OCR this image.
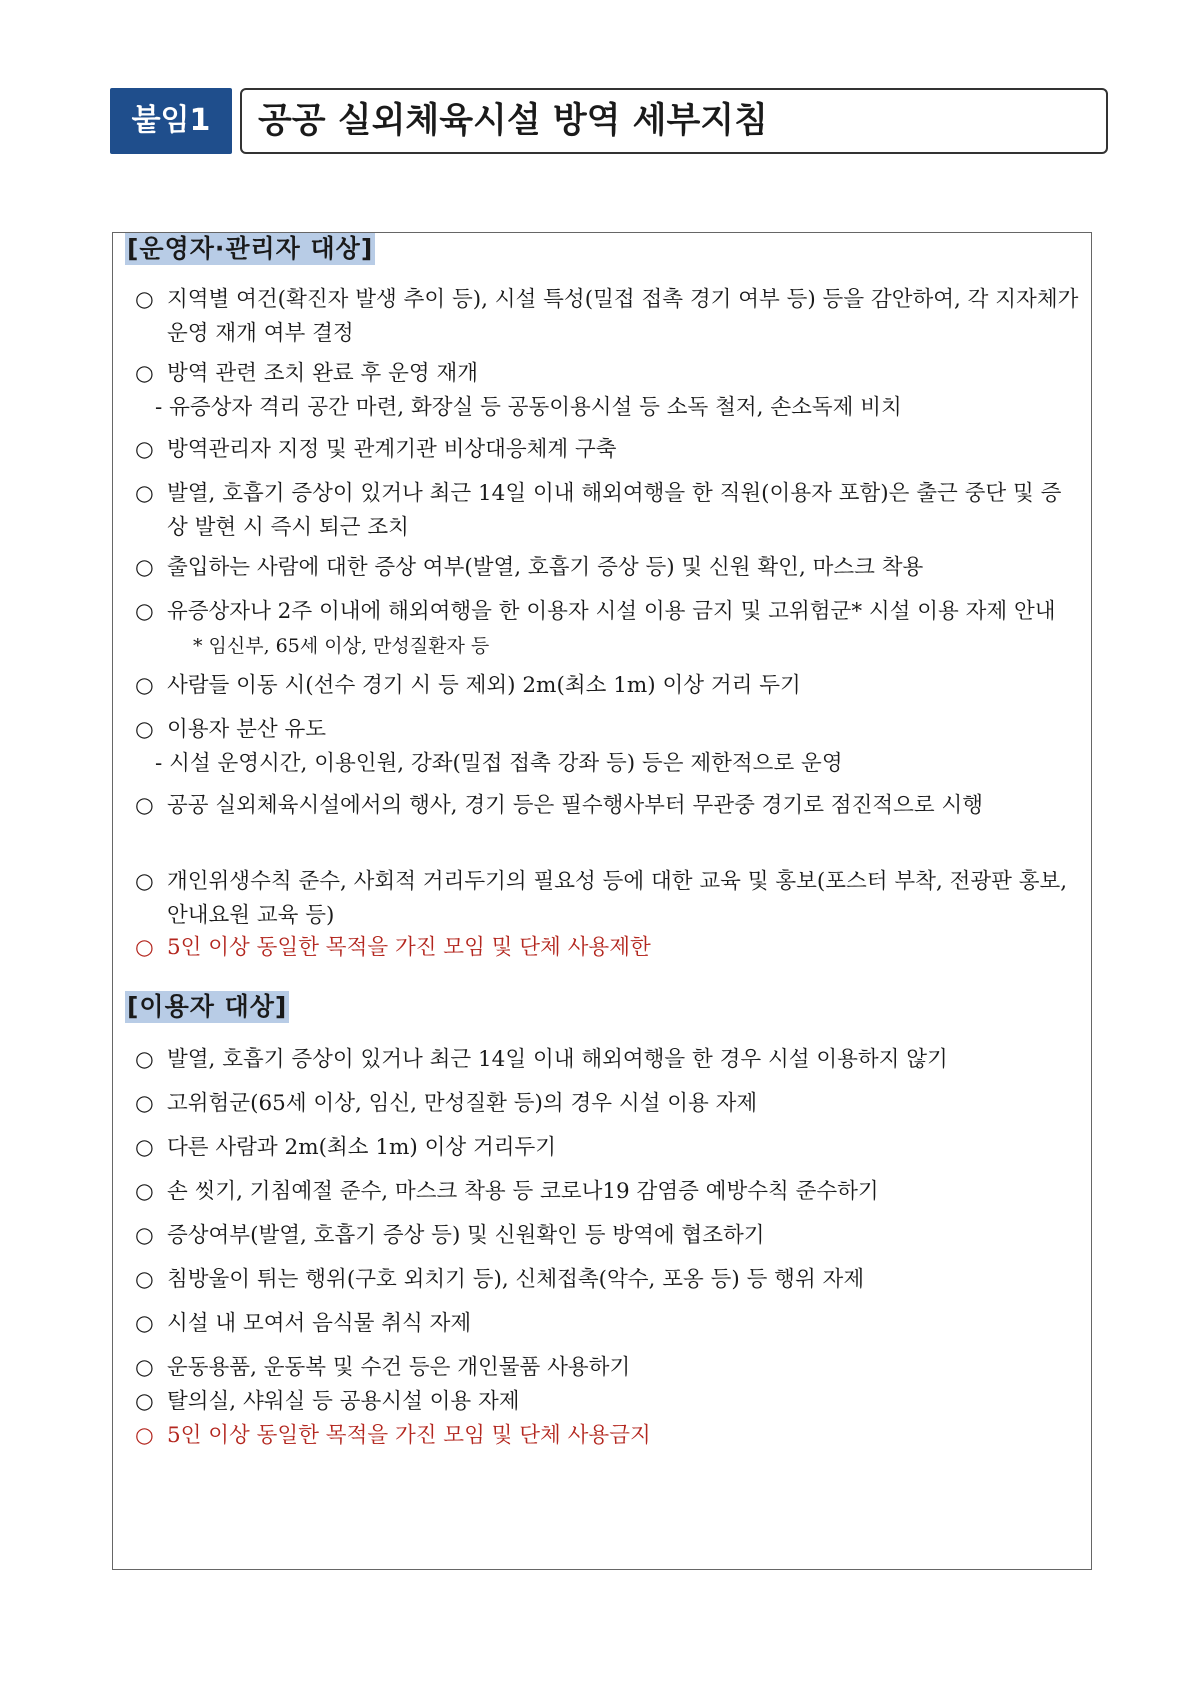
붙임1	공공 실외체육시설 방역 세부지침
[운영자·관리자 대상]
○ 지역별 여건(확진자 발생 추이 등), 시설 특성(밀접 접촉 경기 여부 등) 등을 감안하여, 각 지자체가 운영 재개 여부 결정
○ 방역 관련 조치 완료 후 운영 재개
- 유증상자 격리 공간 마련, 화장실 등 공동이용시설 등 소독 철저, 손소독제 비치
○ 방역관리자 지정 및 관계기관 비상대응체계 구축
○ 발열, 호흡기 증상이 있거나 최근 14일 이내 해외여행을 한 직원(이용자 포함)은 출근 중단 및 증상 발현 시 즉시 퇴근 조치
○ 출입하는 사람에 대한 증상 여부(발열, 호흡기 증상 등) 및 신원 확인, 마스크 착용
○ 유증상자나 2주 이내에 해외여행을 한 이용자 시설 이용 금지 및 고위험군* 시설 이용 자제 안내 * 임신부, 65세 이상, 만성질환자 등
○ 사람들 이동 시(선수 경기 시 등 제외) 2m(최소 1m) 이상 거리 두기
○ 이용자 분산 유도
- 시설 운영시간, 이용인원, 강좌(밀접 접촉 강좌 등) 등은 제한적으로 운영
○ 공공 실외체육시설에서의 행사, 경기 등은 필수행사부터 무관중 경기로 점진적으로 시행
○ 개인위생수칙 준수, 사회적 거리두기의 필요성 등에 대한 교육 및 홍보(포스터 부착, 전광판 홍보, 안내요원 교육 등)
○ 5인 이상 동일한 목적을 가진 모임 및 단체 사용제한
[이용자 대상]
○ 발열, 호흡기 증상이 있거나 최근 14일 이내 해외여행을 한 경우 시설 이용하지 않기
○ 고위험군(65세 이상, 임신, 만성질환 등)의 경우 시설 이용 자제
○ 다른 사람과 2m(최소 1m) 이상 거리두기
○ 손 씻기, 기침예절 준수, 마스크 착용 등 코로나19 감염증 예방수칙 준수하기
○ 증상여부(발열, 호흡기 증상 등) 및 신원확인 등 방역에 협조하기
○ 침방울이 튀는 행위(구호 외치기 등), 신체접촉(악수, 포옹 등) 등 행위 자제
○ 시설 내 모여서 음식물 취식 자제
○ 운동용품, 운동복 및 수건 등은 개인물품 사용하기
○ 탈의실, 샤워실 등 공용시설 이용 자제
○ 5인 이상 동일한 목적을 가진 모임 및 단체 사용금지
